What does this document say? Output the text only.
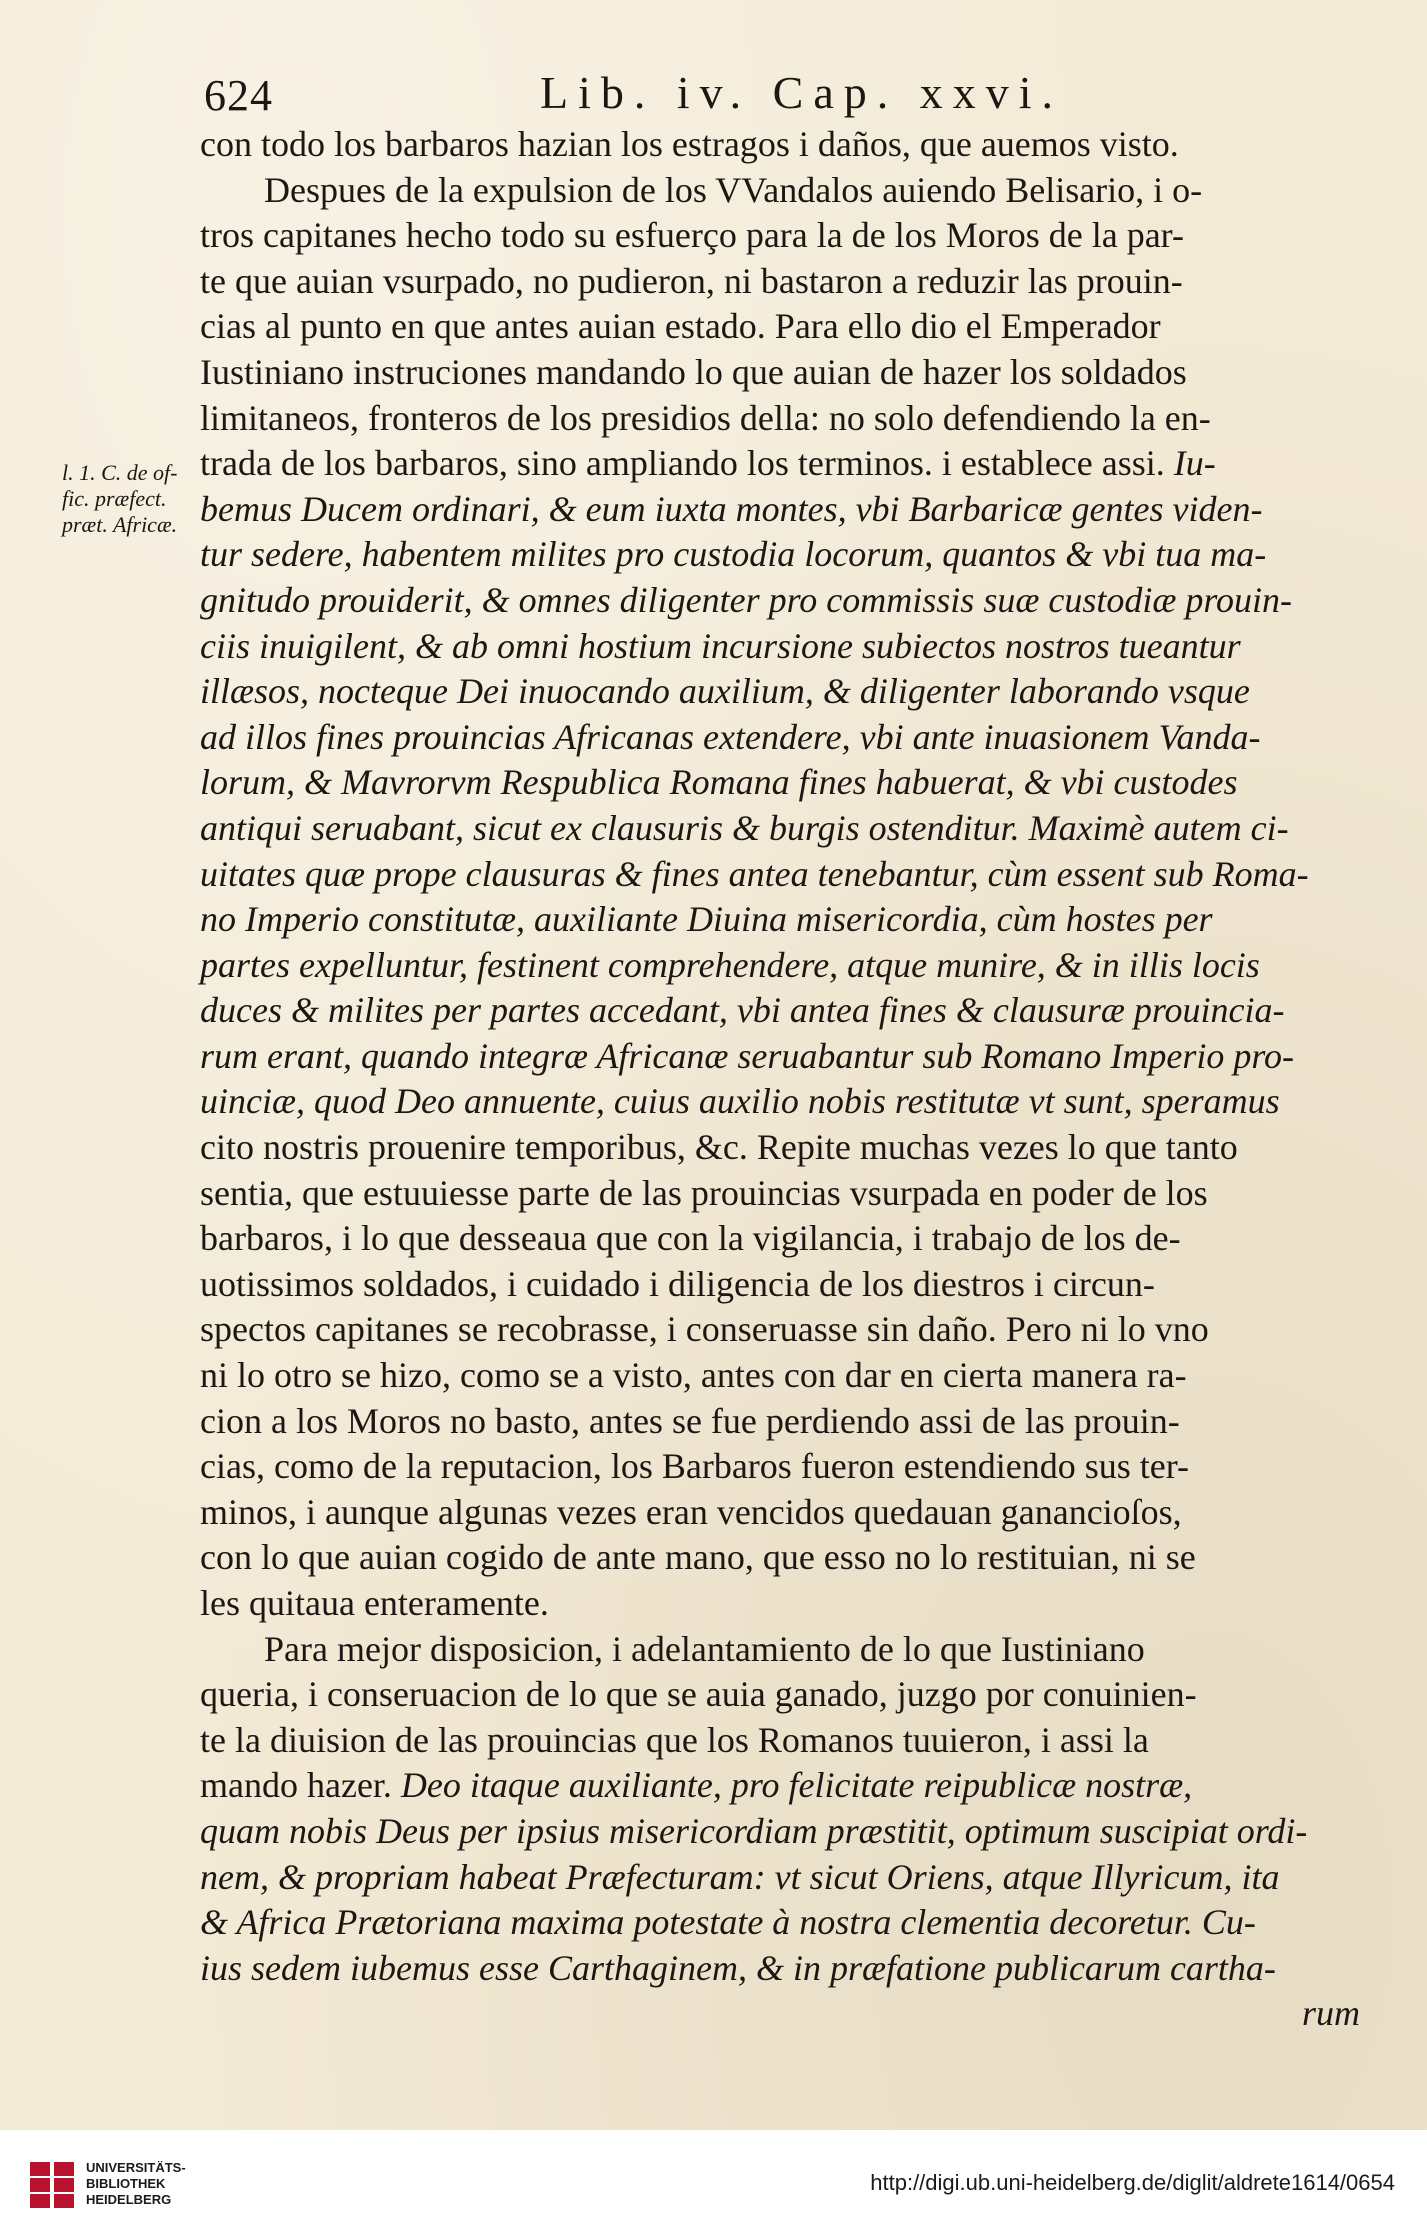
624	Lib. iv. Cap. xxvi.
l. 1. C. de of-
fic. præfect.
præt. Africæ.
con todo los barbaros hazian los estragos i daños, que auemos visto.
Despues de la expulsion de los VVandalos auiendo Belisario, i o-
tros capitanes hecho todo su esfuerço para la de los Moros de la par-
te que auian vsurpado, no pudieron, ni bastaron a reduzir las prouin-
cias al punto en que antes auian estado. Para ello dio el Emperador
Iustiniano instruciones mandando lo que auian de hazer los soldados
limitaneos, fronteros de los presidios della: no solo defendiendo la en-
trada de los barbaros, sino ampliando los terminos. i establece assi. Iu-
bemus Ducem ordinari, & eum iuxta montes, vbi Barbaricæ gentes viden-
tur sedere, habentem milites pro custodia locorum, quantos & vbi tua ma-
gnitudo prouiderit, & omnes diligenter pro commissis suæ custodiæ prouin-
ciis inuigilent, & ab omni hostium incursione subiectos nostros tueantur
illæsos, nocteque Dei inuocando auxilium, & diligenter laborando vsque
ad illos fines prouincias Africanas extendere, vbi ante inuasionem Vanda-
lorum, & Mavrorvm Respublica Romana fines habuerat, & vbi custodes
antiqui seruabant, sicut ex clausuris & burgis ostenditur. Maximè autem ci-
uitates quæ prope clausuras & fines antea tenebantur, cùm essent sub Roma-
no Imperio constitutæ, auxiliante Diuina misericordia, cùm hostes per
partes expelluntur, festinent comprehendere, atque munire, & in illis locis
duces & milites per partes accedant, vbi antea fines & clausuræ prouincia-
rum erant, quando integræ Africanæ seruabantur sub Romano Imperio pro-
uinciæ, quod Deo annuente, cuius auxilio nobis restitutæ vt sunt, speramus
cito nostris prouenire temporibus, &c. Repite muchas vezes lo que tanto
sentia, que estuuiesse parte de las prouincias vsurpada en poder de los
barbaros, i lo que desseaua que con la vigilancia, i trabajo de los de-
uotissimos soldados, i cuidado i diligencia de los diestros i circun-
spectos capitanes se recobrasse, i conseruasse sin daño. Pero ni lo vno
ni lo otro se hizo, como se a visto, antes con dar en cierta manera ra-
cion a los Moros no basto, antes se fue perdiendo assi de las prouin-
cias, como de la reputacion, los Barbaros fueron estendiendo sus ter-
minos, i aunque algunas vezes eran vencidos quedauan ganancioſos,
con lo que auian cogido de ante mano, que esso no lo restituian, ni se
les quitaua enteramente.
Para mejor disposicion, i adelantamiento de lo que Iustiniano
queria, i conseruacion de lo que se auia ganado, juzgo por conuinien-
te la diuision de las prouincias que los Romanos tuuieron, i assi la
mando hazer. Deo itaque auxiliante, pro felicitate reipublicæ nostræ,
quam nobis Deus per ipsius misericordiam præstitit, optimum suscipiat ordi-
nem, & propriam habeat Præfecturam: vt sicut Oriens, atque Illyricum, ita
& Africa Prætoriana maxima potestate à nostra clementia decoretur. Cu-
ius sedem iubemus esse Carthaginem, & in præfatione publicarum cartha-
rum
UNIVERSITÄTS-
BIBLIOTHEK
HEIDELBERG
http://digi.ub.uni-heidelberg.de/diglit/aldrete1614/0654
